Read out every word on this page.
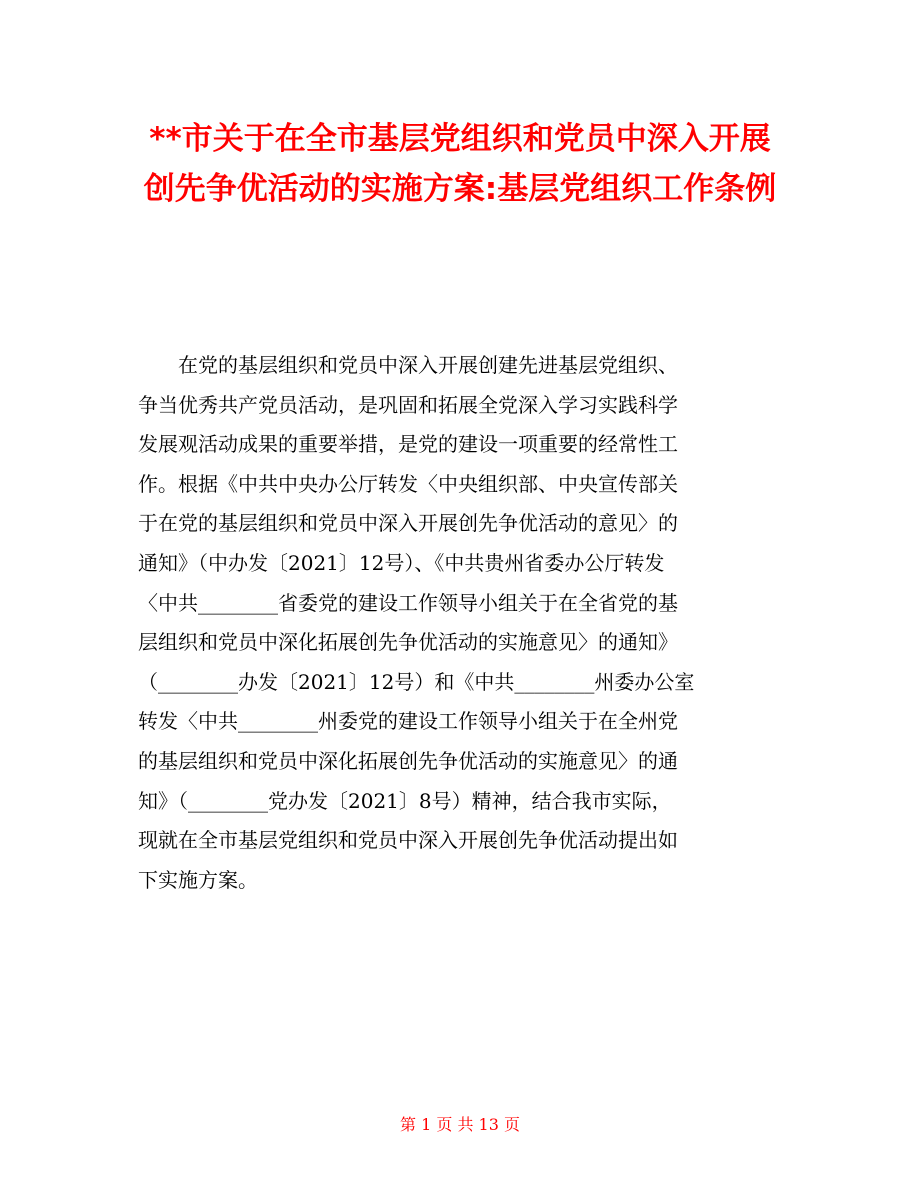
**市关于在全市基层党组织和党员中深入开展
创先争优活动的实施方案:基层党组织工作条例
　　在党的基层组织和党员中深入开展创建先进基层党组织、
争当优秀共产党员活动，是巩固和拓展全党深入学习实践科学
发展观活动成果的重要举措，是党的建设一项重要的经常性工
作。根据《中共中央办公厅转发〈中央组织部、中央宣传部关
于在党的基层组织和党员中深入开展创先争优活动的意见〉的
通知》（中办发〔2021〕12号）、《中共贵州省委办公厅转发
〈中共________省委党的建设工作领导小组关于在全省党的基
层组织和党员中深化拓展创先争优活动的实施意见〉的通知》
（________办发〔2021〕12号）和《中共________州委办公室
转发〈中共________州委党的建设工作领导小组关于在全州党
的基层组织和党员中深化拓展创先争优活动的实施意见〉的通
知》（________党办发〔2021〕8号）精神，结合我市实际，
现就在全市基层党组织和党员中深入开展创先争优活动提出如
下实施方案。
第 1 页 共 13 页
